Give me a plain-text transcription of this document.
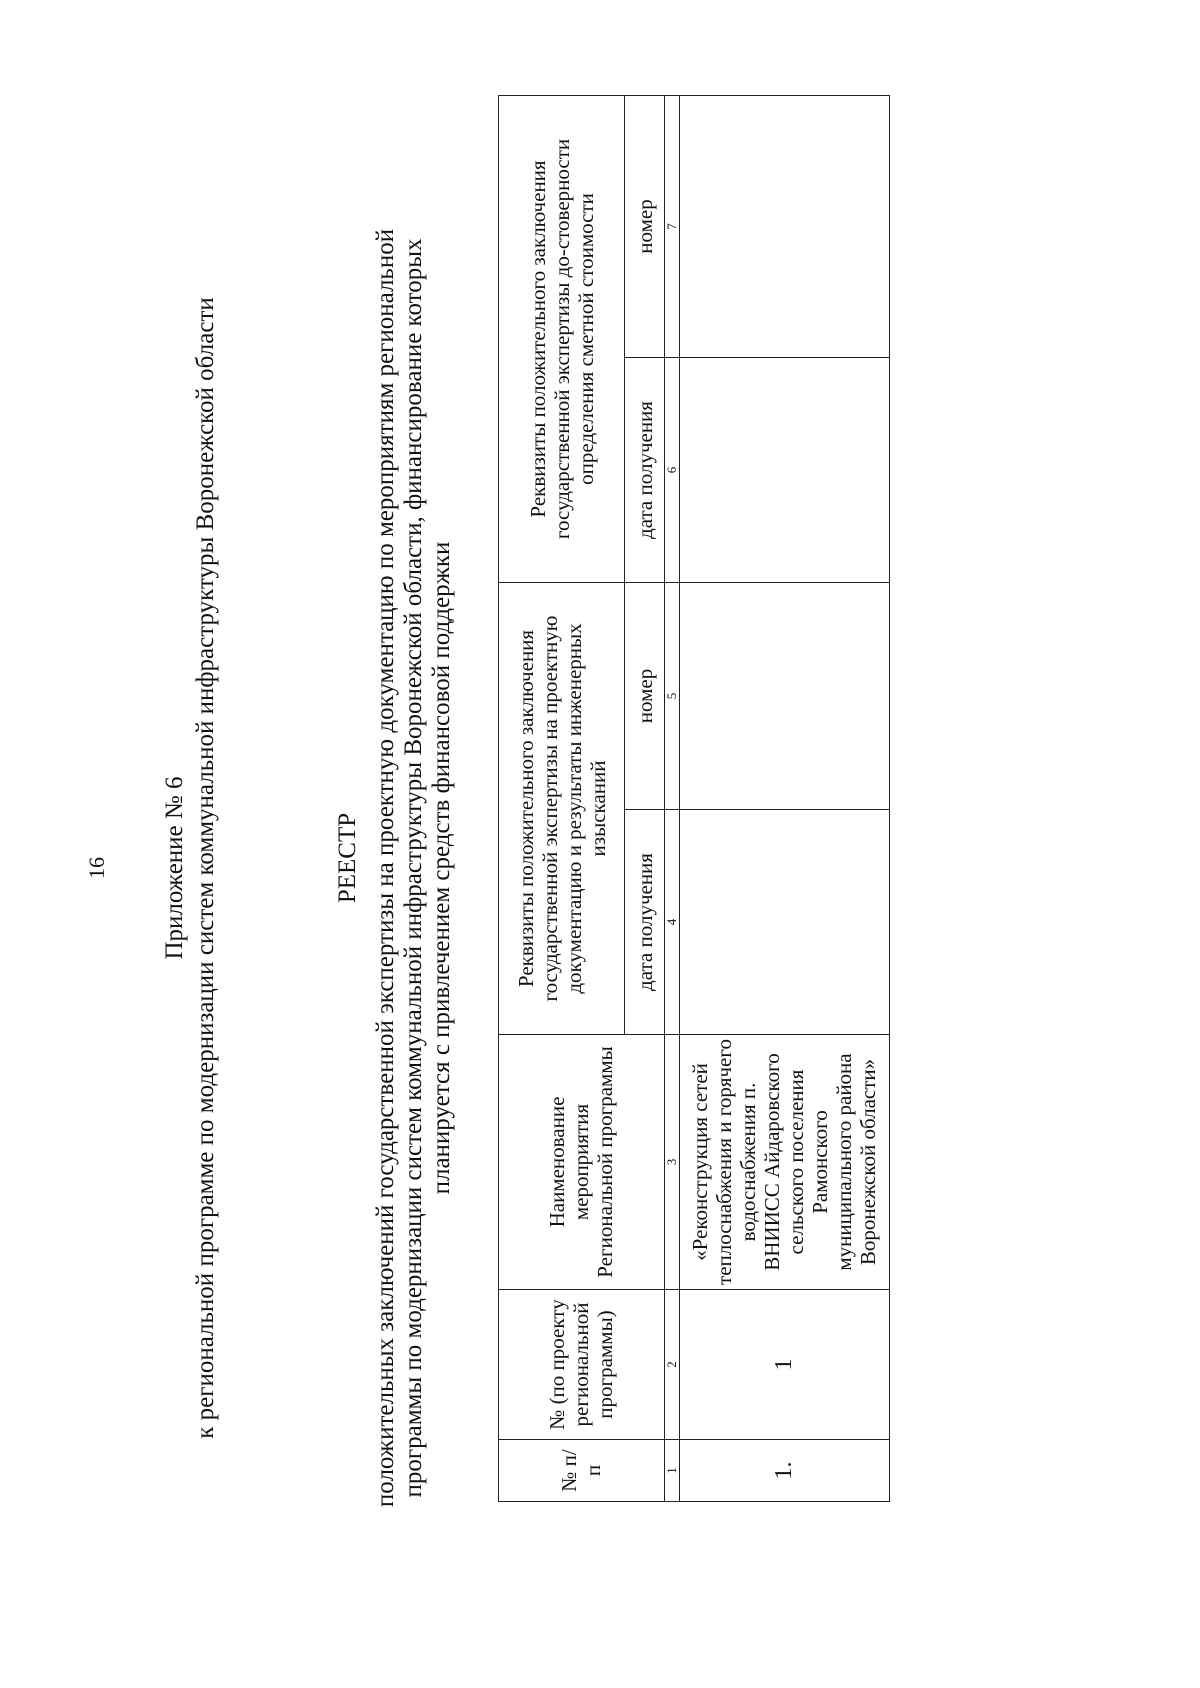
16 Приложение № 6 к региональной программе по модернизации систем коммунальной инфраструктуры Воронежской области	РЕЕСТР положительных заключений государственной экспертизы на проектную документацию по мероприятиям региональной программы по модернизации систем коммунальной инфраструктуры Воронежской области, финансирование которых планируется с привлечением средств финансовой поддержки
№ п/п	№ (по проекту региональной программы)	Наименование мероприятия Региональной программы	Реквизиты положительного заключения государственной экспертизы на проектную документацию и результаты инженерных изысканий		Реквизиты положительного заключения государственной экспертизы до-стоверности определения сметной стоимости	
			дата получения	номер	дата получения	номер
1	2	3	4	5	6	7
1.	1	«Реконструкция сетей теплоснабжения и горячего водоснабжения п. ВНИИСС Айдаровского сельского поселения Рамонского муниципального района Воронежской области»				
